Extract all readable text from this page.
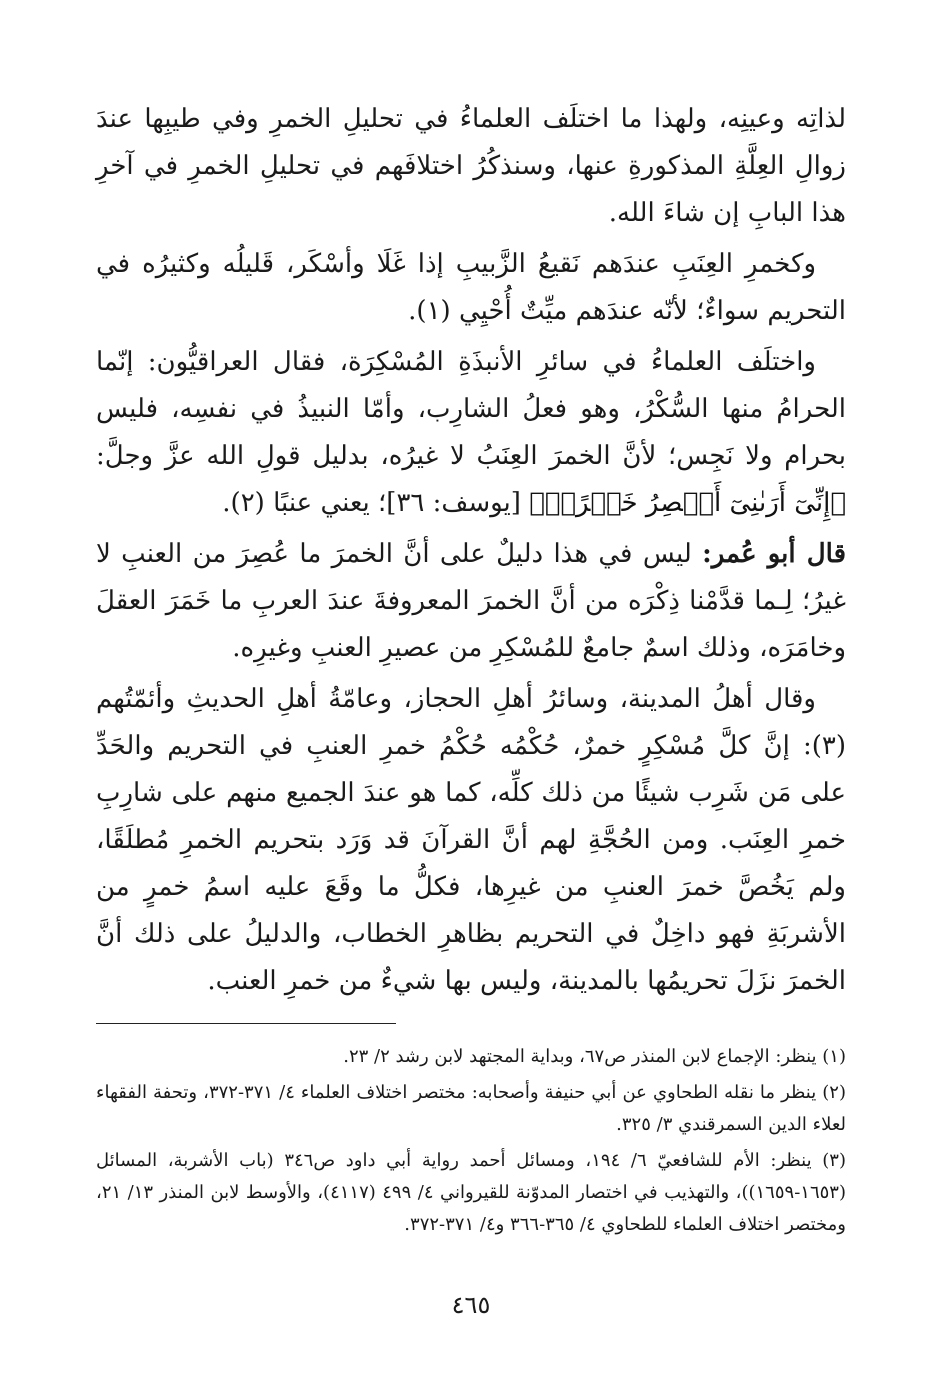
لذاتِه وعينِه، ولهذا ما اختلَف العلماءُ في تحليلِ الخمرِ وفي طيبِها عندَ زوالِ العِلَّةِ المذكورةِ عنها، وسنذكُرُ اختلافَهم في تحليلِ الخمرِ في آخرِ هذا البابِ إن شاءَ الله.

وكخمرِ العِنَبِ عندَهم نَقيعُ الزَّبيبِ إذا غَلَا وأسْكَر، قَليلُه وكثيرُه في التحريم سواءٌ؛ لأنّه عندَهم ميِّتٌ أُحْيِي (١).

واختلَف العلماءُ في سائرِ الأنبذَةِ المُسْكِرَة، فقال العراقيُّون: إنّما الحرامُ منها السُّكْرُ، وهو فعلُ الشارِب، وأمّا النبيذُ في نفسِه، فليس بحرام ولا نَجِس؛ لأنَّ الخمرَ العِنَبُ لا غيرُه، بدليل قولِ الله عزَّ وجلَّ: ﴿إِنِّىٓ أَرَىٰنِىٓ أَعۡصِرُ خَمۡرًاۖ﴾ [يوسف: ٣٦]؛ يعني عنبًا (٢).

قال أبو عُمر: ليس في هذا دليلٌ على أنَّ الخمرَ ما عُصِرَ من العنبِ لا غيرُ؛ لِـما قدَّمْنا ذِكْرَه من أنَّ الخمرَ المعروفةَ عندَ العربِ ما خَمَرَ العقلَ وخامَرَه، وذلك اسمٌ جامعٌ للمُسْكِرِ من عصيرِ العنبِ وغيرِه.

وقال أهلُ المدينة، وسائرُ أهلِ الحجاز، وعامّةُ أهلِ الحديثِ وأئمّتُهم (٣): إنَّ كلَّ مُسْكِرٍ خمرٌ، حُكْمُه حُكْمُ خمرِ العنبِ في التحريم والحَدِّ على مَن شَرِب شيئًا من ذلك كلِّه، كما هو عندَ الجميع منهم على شارِبِ خمرِ العِنَب. ومن الحُجَّةِ لهم أنَّ القرآنَ قد وَرَد بتحريم الخمرِ مُطلَقًا، ولم يَخُصَّ خمرَ العنبِ من غيرِها، فكلُّ ما وقَعَ عليه اسمُ خمرٍ من الأشربَةِ فهو داخِلٌ في التحريم بظاهرِ الخطاب، والدليلُ على ذلك أنَّ الخمرَ نزَلَ تحريمُها بالمدينة، وليس بها شيءٌ من خمرِ العنب.

(١) ينظر: الإجماع لابن المنذر ص٦٧، وبداية المجتهد لابن رشد ٢/ ٢٣.

(٢) ينظر ما نقله الطحاوي عن أبي حنيفة وأصحابه: مختصر اختلاف العلماء ٤/ ٣٧١-٣٧٢، وتحفة الفقهاء لعلاء الدين السمرقندي ٣/ ٣٢٥.

(٣) ينظر: الأم للشافعيّ ٦/ ١٩٤، ومسائل أحمد رواية أبي داود ص٣٤٦ (باب الأشربة، المسائل (١٦٥٣-١٦٥٩))، والتهذيب في اختصار المدوّنة للقيرواني ٤/ ٤٩٩ (٤١١٧)، والأوسط لابن المنذر ١٣/ ٢١، ومختصر اختلاف العلماء للطحاوي ٤/ ٣٦٥-٣٦٦ و٤/ ٣٧١-٣٧٢.

٤٦٥
